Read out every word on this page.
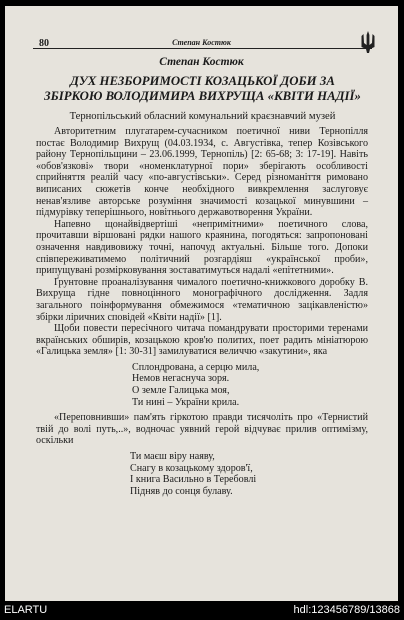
80	Степан Костюк
Степан Костюк
ДУХ НЕЗБОРИМОСТІ КОЗАЦЬКОЇ ДОБИ ЗА
ЗБІРКОЮ ВОЛОДИМИРА ВИХРУЩА «КВІТИ НАДІЇ»
Тернопільський обласний комунальний краєзнавчий музей

Авторитетним плугатарем-сучасником поетичної ниви Тернопілля постає Володимир Вихрущ (04.03.1934, с. Августівка, тепер Козівського району Тернопільщини – 23.06.1999, Тернопіль) [2: 65-68; 3: 17-19]. Навіть «обов'язкові» твори «номенклатурної пори» зберігають особливості сприйняття реалій часу «по-августівськи». Серед різноманіття римовано виписаних сюжетів конче необхідного вивкремлення заслуговує ненав'язливе авторське розуміння значимості козацької минувшини – підмурівку теперішнього, новітнього державотворення України.

Напевно щонайвідвертіші «непримітними» поетичного слова, прочитавши віршовані рядки нашого краянина, погодяться: запропоновані означення навдивовижу точні, напочуд актуальні. Більше того. Допоки співпереживатимемо політичний розгардіяш «української проби», припущувані розмірковування зоставатимуться надалі «епітетними».

Ґрунтовне проаналізування чималого поетично-книжкового доробку В. Вихруща гідне повноцінного монографічного дослідження. Задля загального поінформування обмежимося «тематичною зацікавленістю» збірки ліричних сповідей «Квіти надії» [1].

Щоби повести пересічного читача помандрувати просторими теренами вкраїнських обширів, козацькою кров'ю политих, поет радить мініатюрою «Галицька земля» [1: 30-31] замилуватися величчю «закутини», яка

Сплондрована, а серцю мила,
Немов негаснуча зоря.
О земле Галицька моя,
Ти нині – України крила.

«Переповнивши» пам'ять гіркотою правди тисячоліть про «Тернистий твій до волі путь,..», водночас уявний герой відчуває прилив оптимізму, оскільки

Ти маєш віру наяву,
Снагу в козацькому здоров'ї,
І книга Васильно в Теребовлі
Підняв до сонця булаву.
ELARTU	hdl:123456789/13868
